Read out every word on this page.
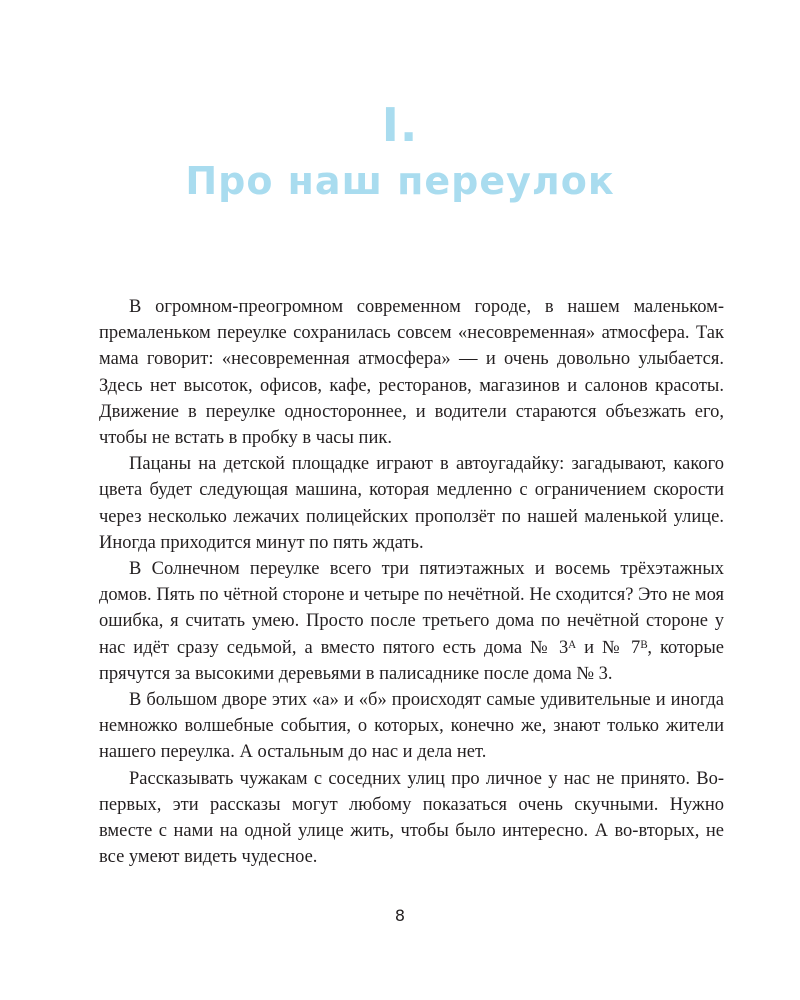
I.
Про наш переулок

В огромном-преогромном современном городе, в нашем маленьком-премаленьком переулке сохранилась совсем «несовременная» атмосфера. Так мама говорит: «несовременная атмосфера» — и очень довольно улыбается. Здесь нет высоток, офисов, кафе, ресторанов, магазинов и салонов красоты. Движение в переулке одностороннее, и водители стараются объезжать его, чтобы не встать в пробку в часы пик.

Пацаны на детской площадке играют в автоугадайку: загадывают, какого цвета будет следующая машина, которая медленно с ограничением скорости через несколько лежачих полицейских проползёт по нашей маленькой улице. Иногда приходится минут по пять ждать.

В Солнечном переулке всего три пятиэтажных и восемь трёхэтажных домов. Пять по чётной стороне и четыре по нечётной. Не сходится? Это не моя ошибка, я считать умею. Просто после третьего дома по нечётной стороне у нас идёт сразу седьмой, а вместо пятого есть дома № 3ᴬ и № 7ᴮ, которые прячутся за высокими деревьями в палисаднике после дома № 3.

В большом дворе этих «а» и «б» происходят самые удивительные и иногда немножко волшебные события, о которых, конечно же, знают только жители нашего переулка. А остальным до нас и дела нет.

Рассказывать чужакам с соседних улиц про личное у нас не принято. Во-первых, эти рассказы могут любому показаться очень скучными. Нужно вместе с нами на одной улице жить, чтобы было интересно. А во-вторых, не все умеют видеть чудесное.

8
